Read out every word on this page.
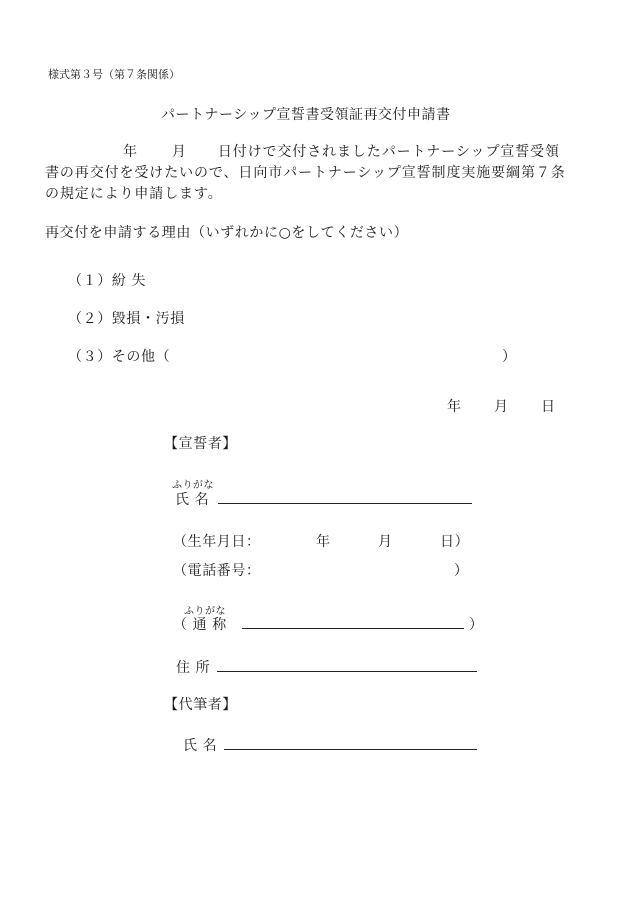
様式第３号（第７条関係）
パートナーシップ宣誓書受領証再交付申請書
年 月 日付けで交付されましたパートナーシップ宣誓受領
書の再交付を受けたいので、日向市パートナーシップ宣誓制度実施要綱第７条
の規定により申請します。
再交付を申請する理由（いずれかに○をしてください）
（１）紛 失
（２）毀損・汚損
（３）その他（	）
年 月 日
【宣誓者】
ふりがな
氏 名
（生年月日：	年	月	日）
（電話番号：	）
ふりがな
（ 通 称	）
住 所
【代筆者】
氏 名
